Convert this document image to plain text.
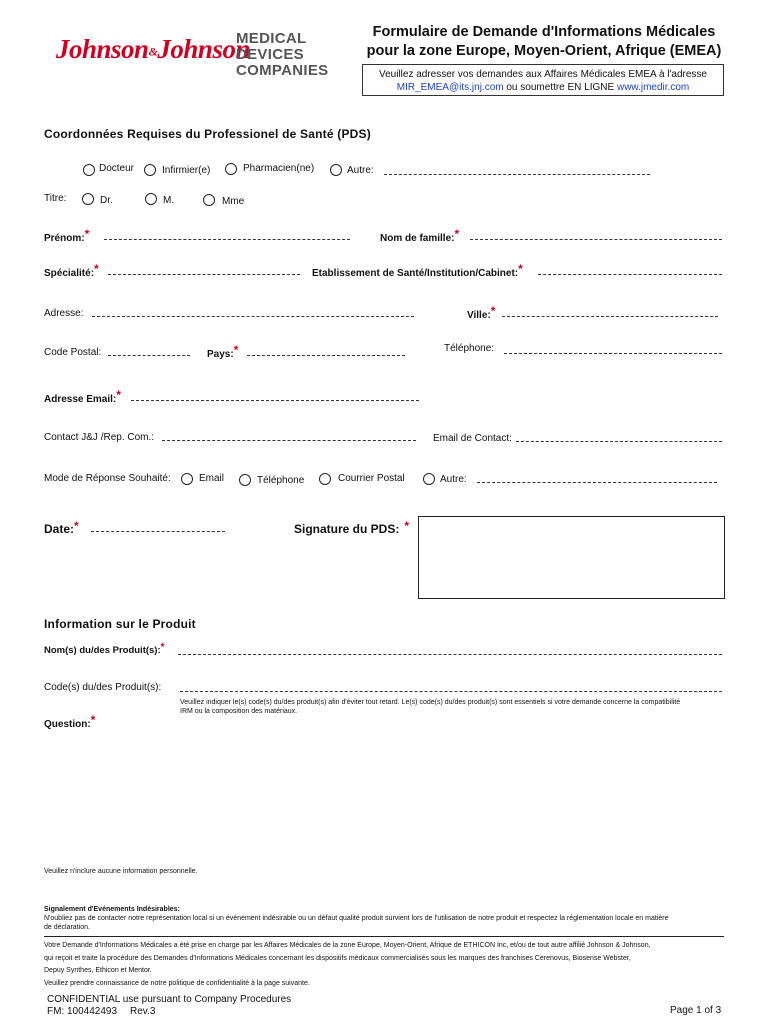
Johnson&Johnson
MEDICAL
DEVICES
COMPANIES
Formulaire de Demande d'Informations Médicales
pour la zone Europe, Moyen-Orient, Afrique (EMEA)
Veuillez adresser vos demandes aux Affaires Médicales EMEA à l'adresse
MIR_EMEA@its.jnj.com ou soumettre EN LIGNE www.jmedir.com
Coordonnées Requises du Professionel de Santé (PDS)
Docteur	Infirmier(e)	Pharmacien(ne)	Autre:
Titre:	Dr.	M.	Mme
Prénom:*	Nom de famille:*
Spécialité:*	Etablissement de Santé/Institution/Cabinet:*
Adresse:	Ville:*
Code Postal:	Pays:*	Téléphone:
Adresse Email:*
Contact J&J /Rep. Com.:	Email de Contact:
Mode de Réponse Souhaité:	Email	Téléphone	Courrier Postal	Autre:
Date:*	Signature du PDS: *
Information sur le Produit
Nom(s) du/des Produit(s):*
Code(s) du/des Produit(s):
Veuillez indiquer le(s) code(s) du/des produit(s) afin d'éviter tout retard. Le(s) code(s) du/des produit(s) sont essentiels si votre demande concerne la compatibilité
IRM ou la composition des matériaux.
Question:*
Veuillez n'inclure aucune information personnelle.
Signalement d'Evénements Indésirables:
N'oubliez pas de contacter notre représentation local si un événement indésirable ou un défaut qualité produit survient lors de l'utilisation de notre produit et respectez la réglementation locale en matière
de déclaration.
Votre Demande d'Informations Médicales a été prise en charge par les Affaires Médicales de la zone Europe, Moyen-Orient, Afrique de ETHICON Inc, et/ou de tout autre affilié Johnson & Johnson,
qui reçoit et traite la procédure des Demandes d'Informations Médicales concernant les dispositifs médicaux commercialisés sous les marques des franchises Cerenovus, Biosense Webster,
Depuy Synthes, Ethicon et Mentor.
Veuillez prendre connaissance de notre politique de confidentialité à la page suivante.
CONFIDENTIAL use pursuant to Company Procedures
FM: 100442493 Rev.3	Page 1 of 3
